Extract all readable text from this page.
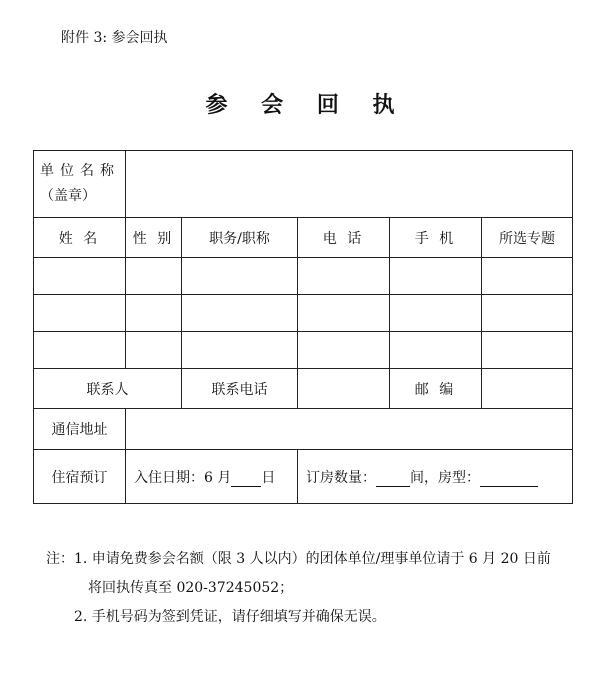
附件 3: 参会回执
参 会 回 执
单位名称
（盖章）					

姓 名	性 别	职务/职称	电 话	手 机	所选专题

联系人		联系电话		邮 编	
通信地址					
住宿预订	入住日期：6 月 日		订房数量： 间，房型：		
注：1. 申请免费参会名额（限 3 人以内）的团体单位/理事单位请于 6 月 20 日前
将回执传真至 020-37245052；
2. 手机号码为签到凭证，请仔细填写并确保无误。
